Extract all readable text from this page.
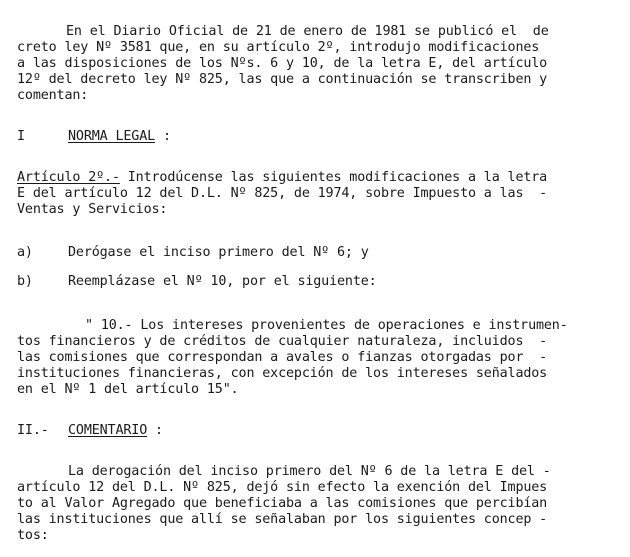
En el Diario Oficial de 21 de enero de 1981 se publicó el  de
creto ley Nº 3581 que, en su artículo 2º, introdujo modificaciones
a las disposiciones de los Nºs. 6 y 10, de la letra E, del artículo
12º del decreto ley Nº 825, las que a continuación se transcriben y
comentan:
I	NORMA LEGAL :
Artículo 2º.- Introdúcense las siguientes modificaciones a la letra
E del artículo 12 del D.L. Nº 825, de 1974, sobre Impuesto a las  -
Ventas y Servicios:
a)	Derógase el inciso primero del Nº 6; y
b)	Reemplázase el Nº 10, por el siguiente:
" 10.- Los intereses provenientes de operaciones e instrumen-
tos financieros y de créditos de cualquier naturaleza, incluidos  -
las comisiones que correspondan a avales o fianzas otorgadas por  -
instituciones financieras, con excepción de los intereses señalados
en el Nº 1 del artículo 15".
II.- COMENTARIO :
La derogación del inciso primero del Nº 6 de la letra E del -
artículo 12 del D.L. Nº 825, dejó sin efecto la exención del Impues
to al Valor Agregado que beneficiaba a las comisiones que percibían
las instituciones que allí se señalaban por los siguientes concep -
tos:
